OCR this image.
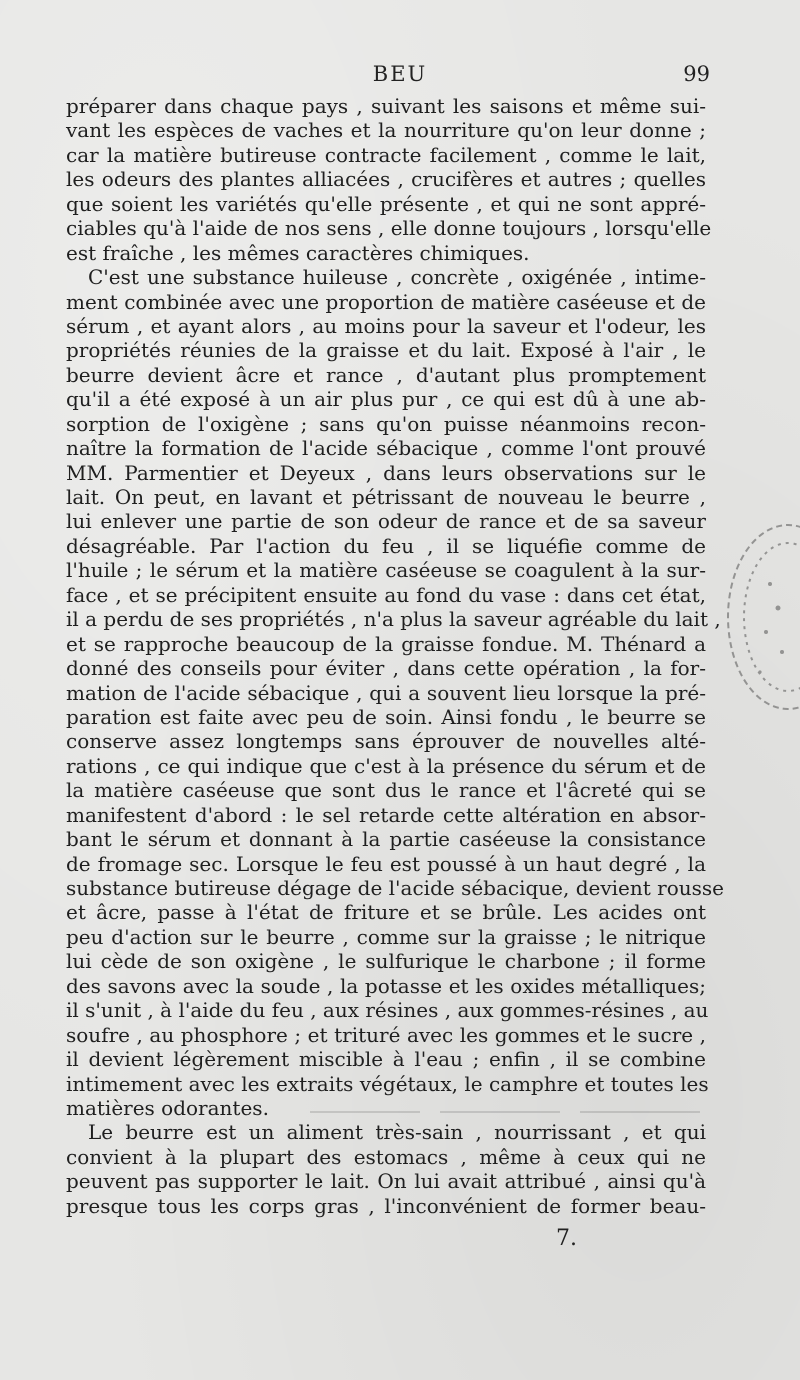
BEU	99
préparer dans chaque pays , suivant les saisons et même sui-
vant les espèces de vaches et la nourriture qu'on leur donne ;
car la matière butireuse contracte facilement , comme le lait,
les odeurs des plantes alliacées , crucifères et autres ; quelles
que soient les variétés qu'elle présente , et qui ne sont appré-
ciables qu'à l'aide de nos sens , elle donne toujours , lorsqu'elle
est fraîche , les mêmes caractères chimiques.
C'est une substance huileuse , concrète , oxigénée , intime-
ment combinée avec une proportion de matière caséeuse et de
sérum , et ayant alors , au moins pour la saveur et l'odeur, les
propriétés réunies de la graisse et du lait. Exposé à l'air , le
beurre devient âcre et rance , d'autant plus promptement
qu'il a été exposé à un air plus pur , ce qui est dû à une ab-
sorption de l'oxigène ; sans qu'on puisse néanmoins recon-
naître la formation de l'acide sébacique , comme l'ont prouvé
MM. Parmentier et Deyeux , dans leurs observations sur le
lait. On peut, en lavant et pétrissant de nouveau le beurre ,
lui enlever une partie de son odeur de rance et de sa saveur
désagréable. Par l'action du feu , il se liquéfie comme de
l'huile ; le sérum et la matière caséeuse se coagulent à la sur-
face , et se précipitent ensuite au fond du vase : dans cet état,
il a perdu de ses propriétés , n'a plus la saveur agréable du lait ,
et se rapproche beaucoup de la graisse fondue. M. Thénard a
donné des conseils pour éviter , dans cette opération , la for-
mation de l'acide sébacique , qui a souvent lieu lorsque la pré-
paration est faite avec peu de soin. Ainsi fondu , le beurre se
conserve assez longtemps sans éprouver de nouvelles alté-
rations , ce qui indique que c'est à la présence du sérum et de
la matière caséeuse que sont dus le rance et l'âcreté qui se
manifestent d'abord : le sel retarde cette altération en absor-
bant le sérum et donnant à la partie caséeuse la consistance
de fromage sec. Lorsque le feu est poussé à un haut degré , la
substance butireuse dégage de l'acide sébacique, devient rousse
et âcre, passe à l'état de friture et se brûle. Les acides ont
peu d'action sur le beurre , comme sur la graisse ; le nitrique
lui cède de son oxigène , le sulfurique le charbone ; il forme
des savons avec la soude , la potasse et les oxides métalliques;
il s'unit , à l'aide du feu , aux résines , aux gommes-résines , au
soufre , au phosphore ; et trituré avec les gommes et le sucre ,
il devient légèrement miscible à l'eau ; enfin , il se combine
intimement avec les extraits végétaux, le camphre et toutes les
matières odorantes.
Le beurre est un aliment très-sain , nourrissant , et qui
convient à la plupart des estomacs , même à ceux qui ne
peuvent pas supporter le lait. On lui avait attribué , ainsi qu'à
presque tous les corps gras , l'inconvénient de former beau-
7.
